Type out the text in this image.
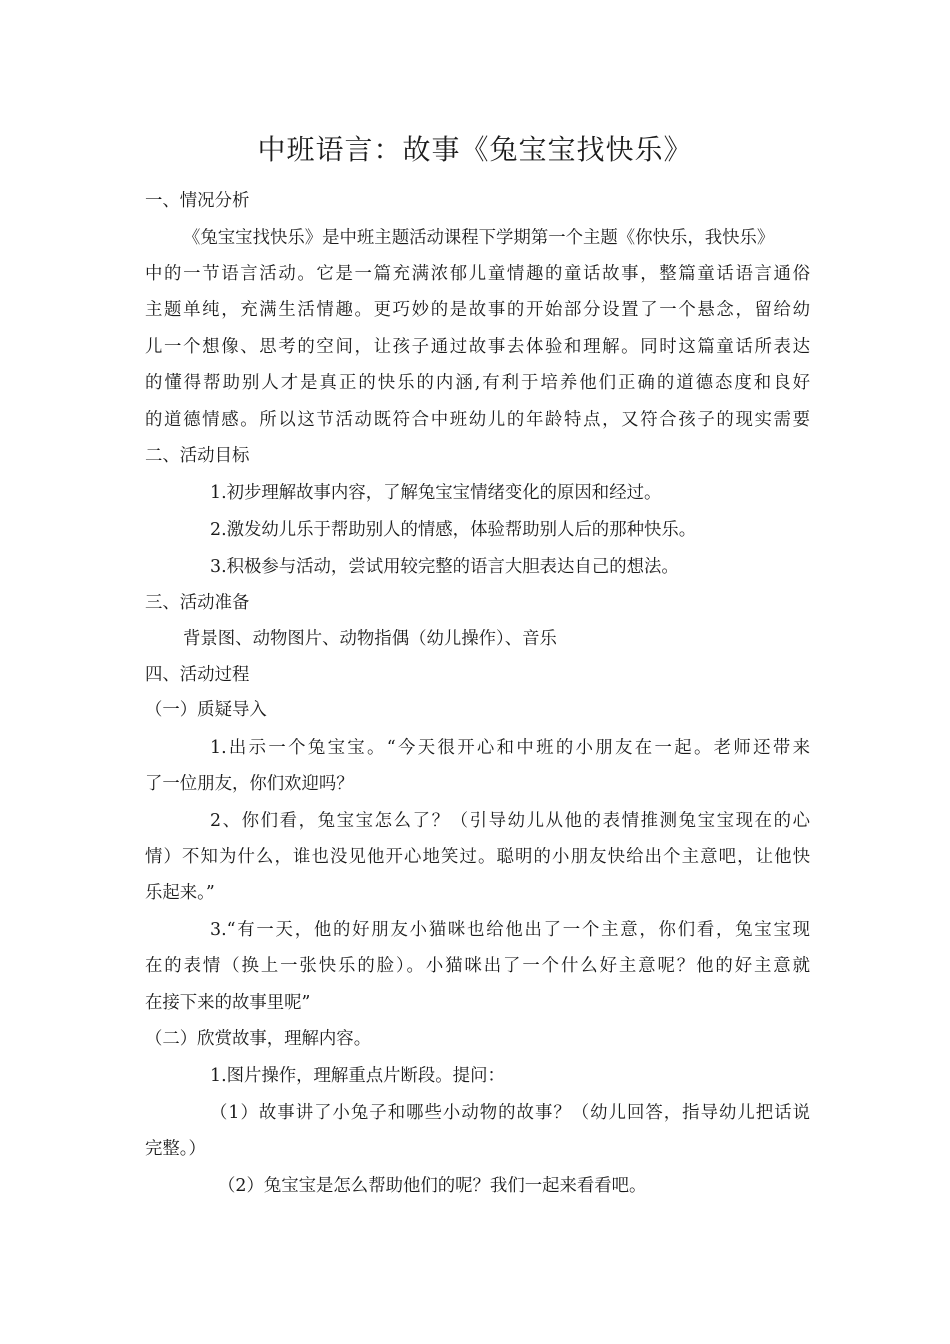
中班语言：故事《兔宝宝找快乐》
一、情况分析
《兔宝宝找快乐》是中班主题活动课程下学期第一个主题《你快乐，我快乐》
中的一节语言活动。它是一篇充满浓郁儿童情趣的童话故事，整篇童话语言通俗
主题单纯，充满生活情趣。更巧妙的是故事的开始部分设置了一个悬念，留给幼
儿一个想像、思考的空间，让孩子通过故事去体验和理解。同时这篇童话所表达
的懂得帮助别人才是真正的快乐的内涵,有利于培养他们正确的道德态度和良好
的道德情感。所以这节活动既符合中班幼儿的年龄特点，又符合孩子的现实需要
二、活动目标
1.初步理解故事内容，了解兔宝宝情绪变化的原因和经过。
2.激发幼儿乐于帮助别人的情感，体验帮助别人后的那种快乐。
3.积极参与活动，尝试用较完整的语言大胆表达自己的想法。
三、活动准备
背景图、动物图片、动物指偶（幼儿操作）、音乐
四、活动过程
（一）质疑导入
1.出示一个兔宝宝。“今天很开心和中班的小朋友在一起。老师还带来
了一位朋友，你们欢迎吗？
2、你们看，兔宝宝怎么了？（引导幼儿从他的表情推测兔宝宝现在的心
情）不知为什么，谁也没见他开心地笑过。聪明的小朋友快给出个主意吧，让他快
乐起来。”
3.“有一天，他的好朋友小猫咪也给他出了一个主意，你们看，兔宝宝现
在的表情（换上一张快乐的脸）。小猫咪出了一个什么好主意呢？他的好主意就
在接下来的故事里呢”
（二）欣赏故事，理解内容。
1.图片操作，理解重点片断段。提问：
（1）故事讲了小兔子和哪些小动物的故事？（幼儿回答，指导幼儿把话说
完整。）
（2）兔宝宝是怎么帮助他们的呢？我们一起来看看吧。
